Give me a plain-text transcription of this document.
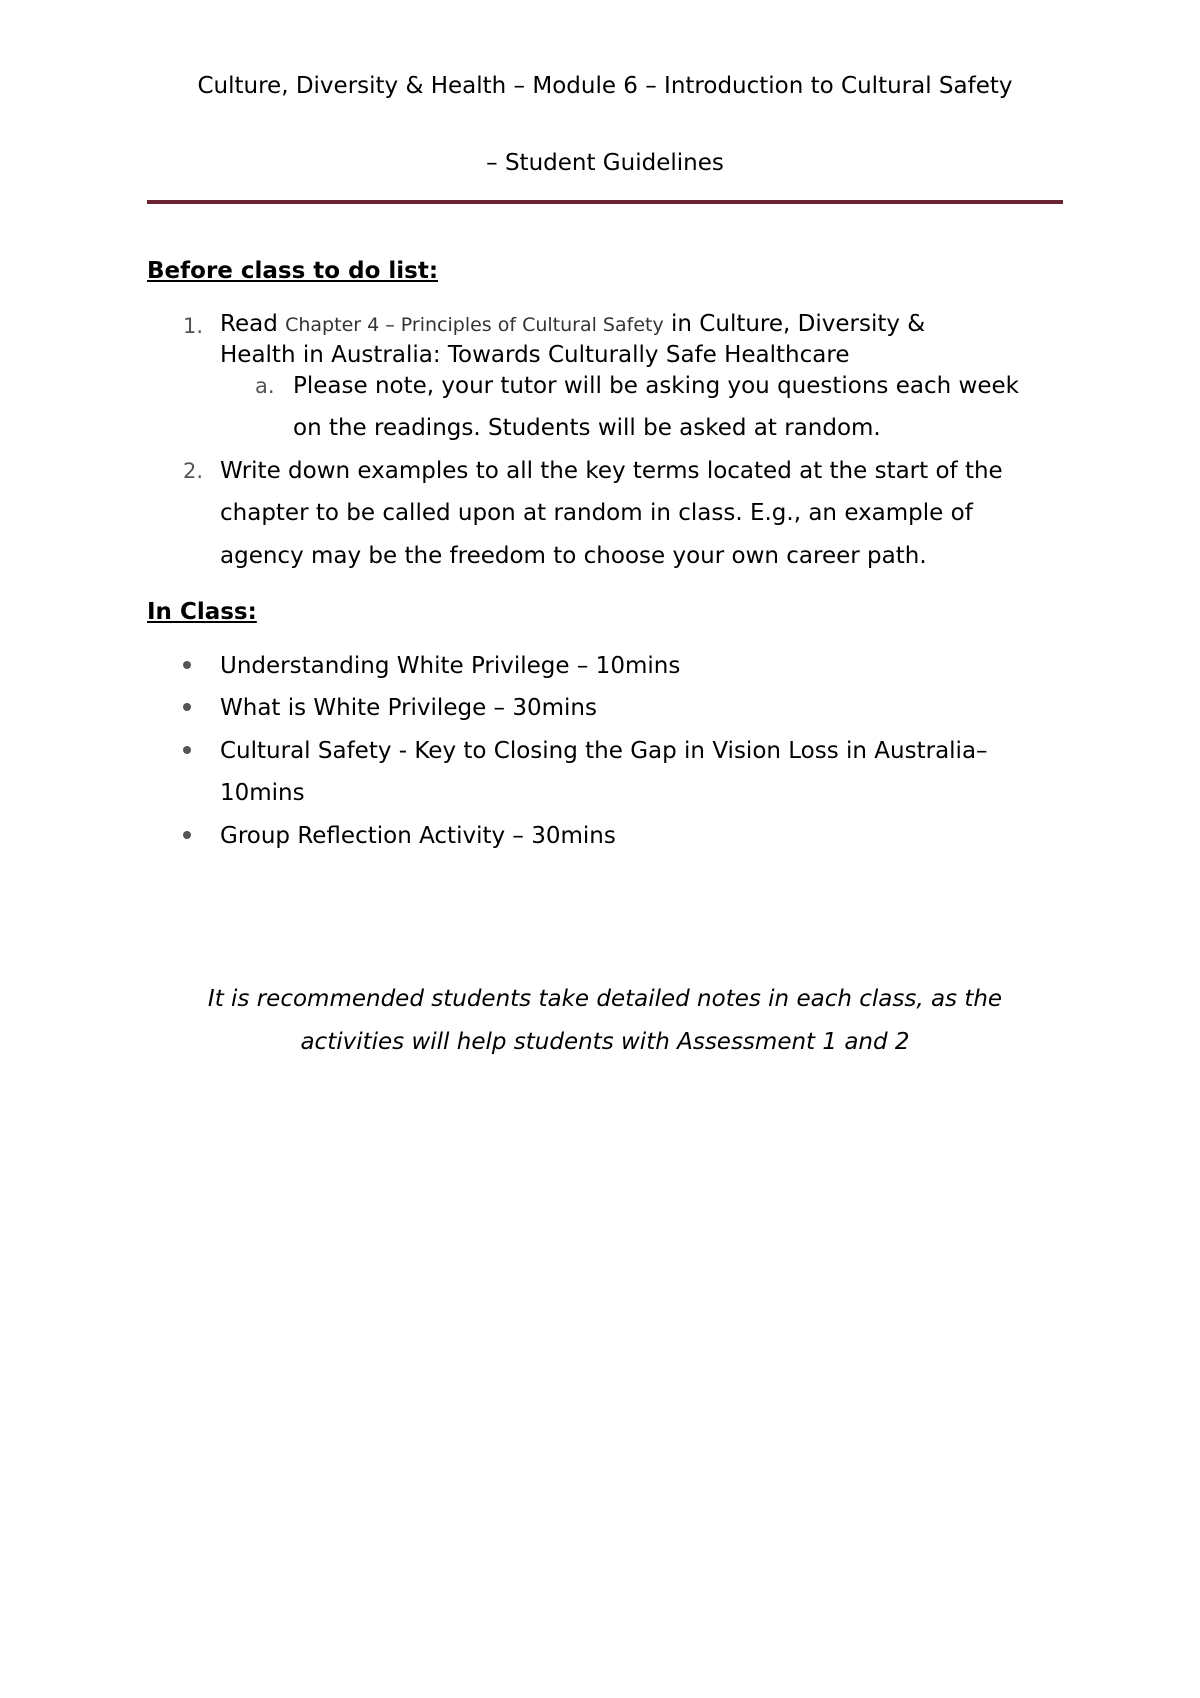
Culture, Diversity & Health – Module 6 – Introduction to Cultural Safety
– Student Guidelines
Before class to do list:
1. Read Chapter 4 – Principles of Cultural Safety in Culture, Diversity &
Health in Australia: Towards Culturally Safe Healthcare
a. Please note, your tutor will be asking you questions each week
on the readings. Students will be asked at random.
2. Write down examples to all the key terms located at the start of the
chapter to be called upon at random in class. E.g., an example of
agency may be the freedom to choose your own career path.
In Class:
Understanding White Privilege – 10mins
What is White Privilege – 30mins
Cultural Safety - Key to Closing the Gap in Vision Loss in Australia–
10mins
Group Reflection Activity – 30mins
It is recommended students take detailed notes in each class, as the
activities will help students with Assessment 1 and 2
